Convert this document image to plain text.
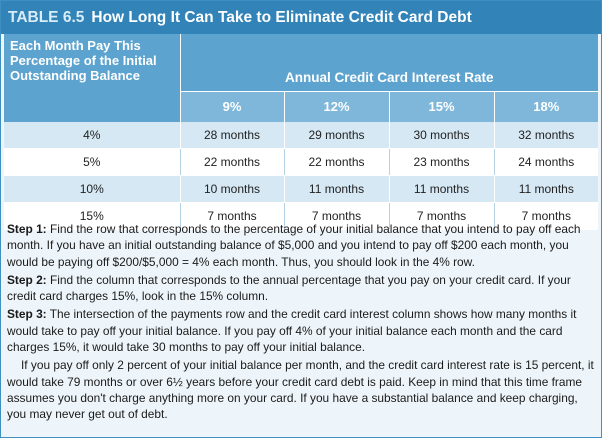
TABLE 6.5 How Long It Can Take to Eliminate Credit Card Debt
Each Month Pay This Percentage of the Initial Outstanding Balance	Annual Credit Card Interest Rate			
	9%	12%	15%	18%
4%	28 months	29 months	30 months	32 months
5%	22 months	22 months	23 months	24 months
10%	10 months	11 months	11 months	11 months
15%	7 months	7 months	7 months	7 months

Step 1: Find the row that corresponds to the percentage of your initial balance that you intend to pay off each month. If you have an initial outstanding balance of $5,000 and you intend to pay off $200 each month, you would be paying off $200/$5,000 = 4% each month. Thus, you should look in the 4% row.

Step 2: Find the column that corresponds to the annual percentage that you pay on your credit card. If your credit card charges 15%, look in the 15% column.

Step 3: The intersection of the payments row and the credit card interest column shows how many months it would take to pay off your initial balance. If you pay off 4% of your initial balance each month and the card charges 15%, it would take 30 months to pay off your initial balance.

If you pay off only 2 percent of your initial balance per month, and the credit card interest rate is 15 percent, it would take 79 months or over 6½ years before your credit card debt is paid. Keep in mind that this time frame assumes you don't charge anything more on your card. If you have a substantial balance and keep charging, you may never get out of debt.
